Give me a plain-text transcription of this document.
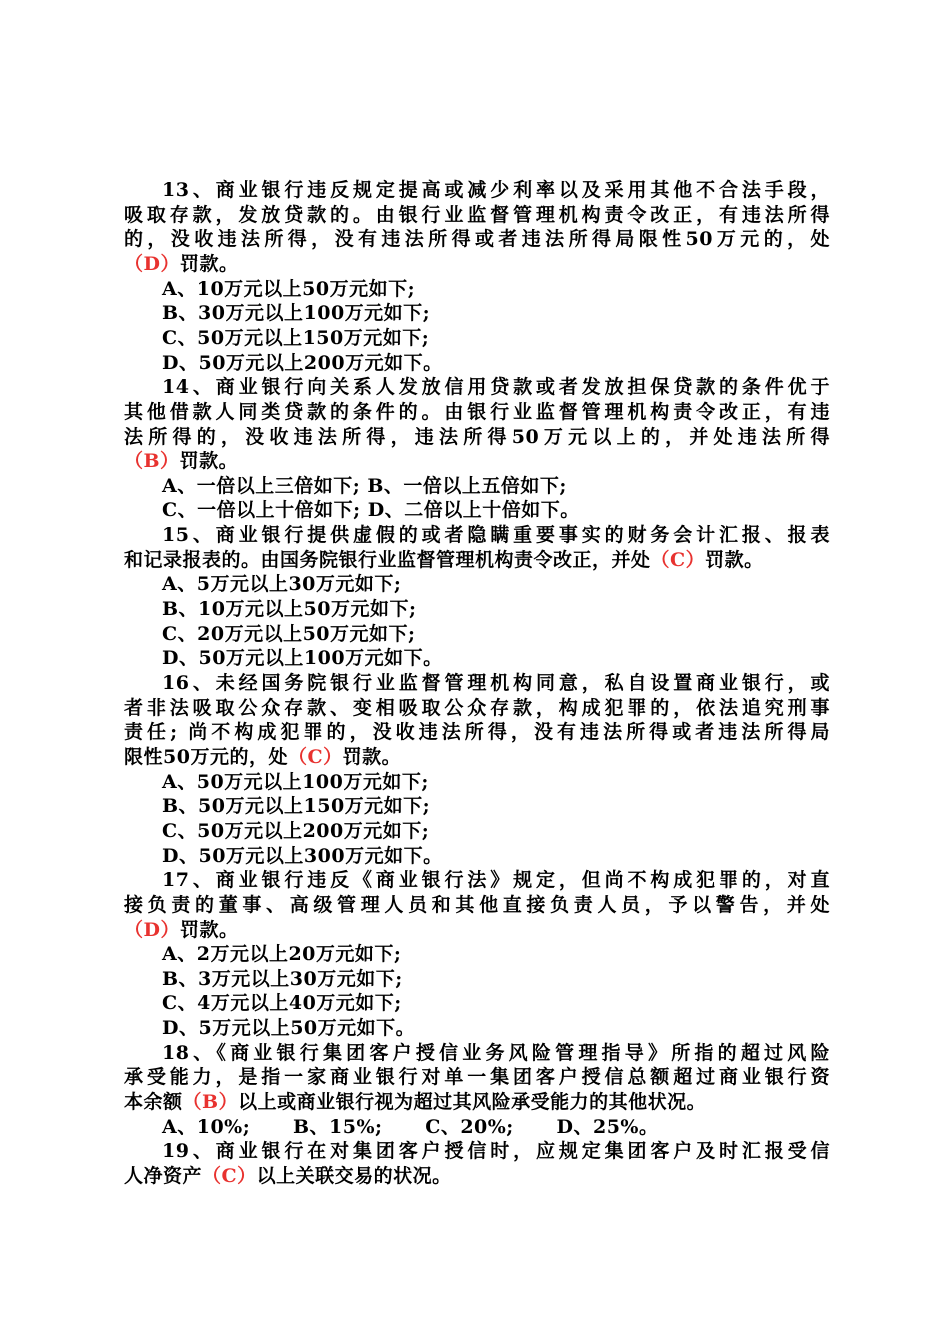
13、商业银行违反规定提高或减少利率以及采用其他不合法手段，
吸取存款，发放贷款的。由银行业监督管理机构责令改正，有违法所得
的，没收违法所得，没有违法所得或者违法所得局限性50万元的，处
（D）罚款。
A、10万元以上50万元如下;
B、30万元以上100万元如下;
C、50万元以上150万元如下;
D、50万元以上200万元如下。
14、商业银行向关系人发放信用贷款或者发放担保贷款的条件优于
其他借款人同类贷款的条件的。由银行业监督管理机构责令改正，有违
法所得的，没收违法所得，违法所得50万元以上的，并处违法所得
（B）罚款。
A、一倍以上三倍如下; B、一倍以上五倍如下;
C、一倍以上十倍如下; D、二倍以上十倍如下。
15、商业银行提供虚假的或者隐瞒重要事实的财务会计汇报、报表
和记录报表的。由国务院银行业监督管理机构责令改正，并处（C）罚款。
A、5万元以上30万元如下;
B、10万元以上50万元如下;
C、20万元以上50万元如下;
D、50万元以上100万元如下。
16、未经国务院银行业监督管理机构同意，私自设置商业银行，或
者非法吸取公众存款、变相吸取公众存款，构成犯罪的，依法追究刑事
责任; 尚不构成犯罪的，没收违法所得，没有违法所得或者违法所得局
限性50万元的，处（C）罚款。
A、50万元以上100万元如下;
B、50万元以上150万元如下;
C、50万元以上200万元如下;
D、50万元以上300万元如下。
17、商业银行违反《商业银行法》规定，但尚不构成犯罪的，对直
接负责的董事、高级管理人员和其他直接负责人员，予以警告，并处
（D）罚款。
A、2万元以上20万元如下;
B、3万元以上30万元如下;
C、4万元以上40万元如下;
D、5万元以上50万元如下。
18、《商业银行集团客户授信业务风险管理指导》所指的超过风险
承受能力，是指一家商业银行对单一集团客户授信总额超过商业银行资
本余额（B）以上或商业银行视为超过其风险承受能力的其他状况。
A、10%;      B、15%;      C、20%;      D、25%。
19、商业银行在对集团客户授信时，应规定集团客户及时汇报受信
人净资产（C）以上关联交易的状况。
